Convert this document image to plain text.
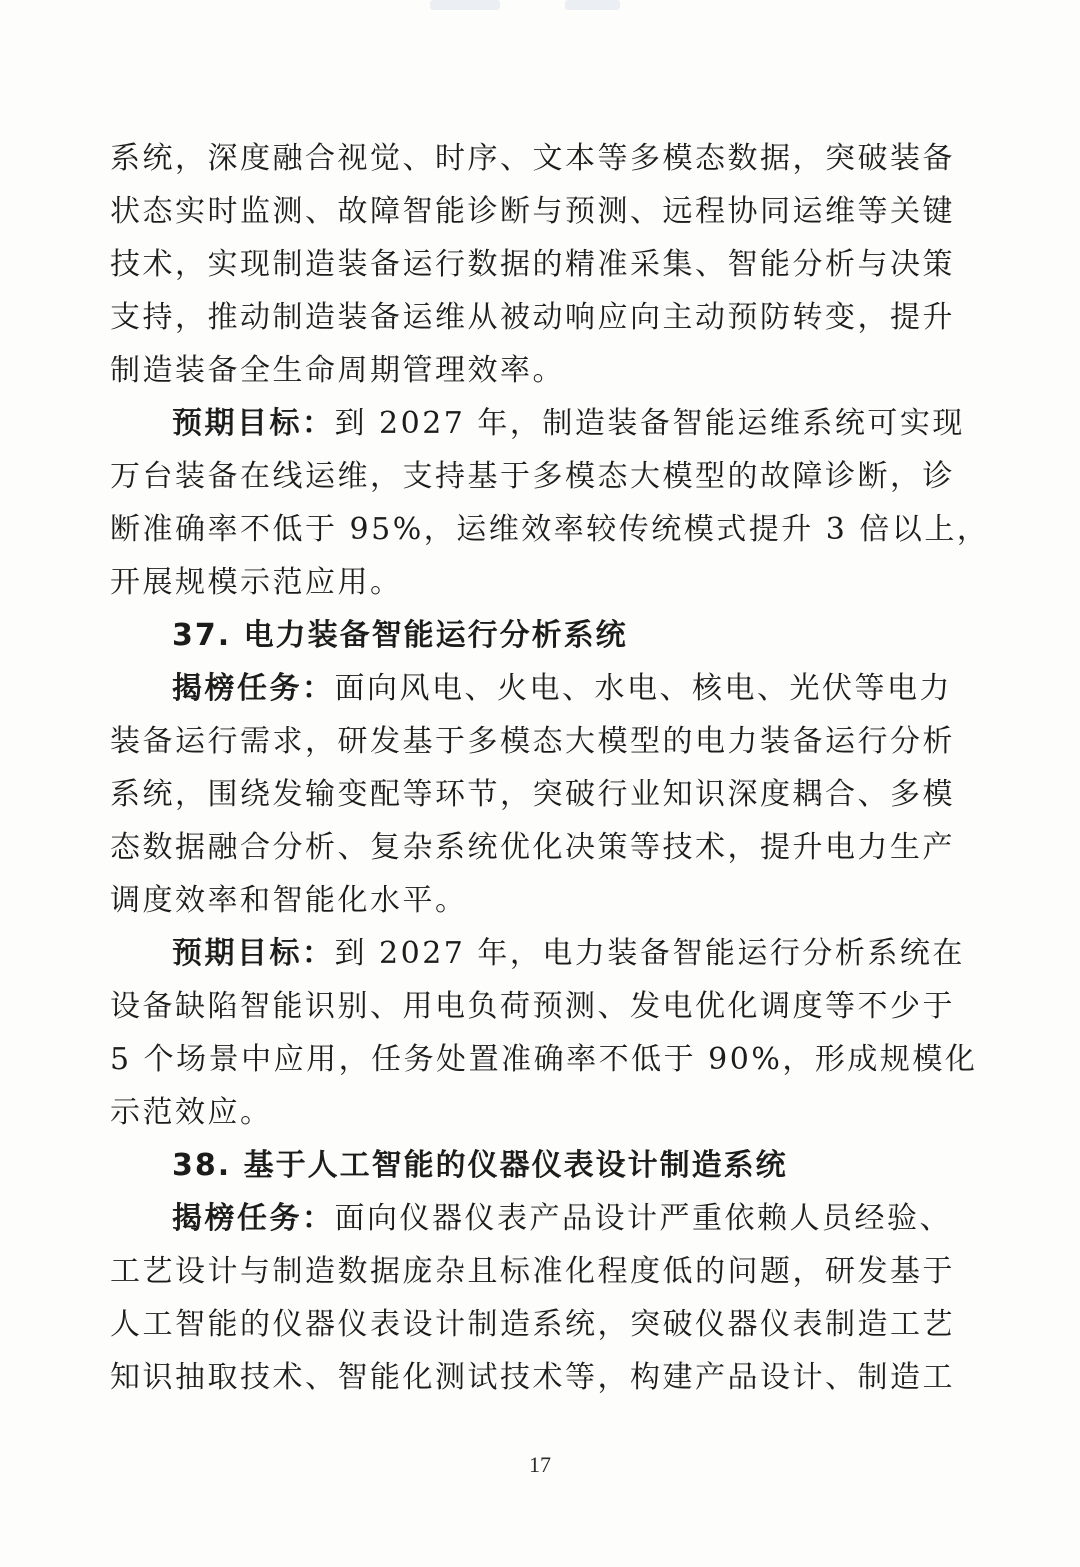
系统，深度融合视觉、时序、文本等多模态数据，突破装备
状态实时监测、故障智能诊断与预测、远程协同运维等关键
技术，实现制造装备运行数据的精准采集、智能分析与决策
支持，推动制造装备运维从被动响应向主动预防转变，提升
制造装备全生命周期管理效率。
预期目标：到 2027 年，制造装备智能运维系统可实现
万台装备在线运维，支持基于多模态大模型的故障诊断，诊
断准确率不低于 95%，运维效率较传统模式提升 3 倍以上，
开展规模示范应用。
37. 电力装备智能运行分析系统
揭榜任务：面向风电、火电、水电、核电、光伏等电力
装备运行需求，研发基于多模态大模型的电力装备运行分析
系统，围绕发输变配等环节，突破行业知识深度耦合、多模
态数据融合分析、复杂系统优化决策等技术，提升电力生产
调度效率和智能化水平。
预期目标：到 2027 年，电力装备智能运行分析系统在
设备缺陷智能识别、用电负荷预测、发电优化调度等不少于
5 个场景中应用，任务处置准确率不低于 90%，形成规模化
示范效应。
38. 基于人工智能的仪器仪表设计制造系统
揭榜任务：面向仪器仪表产品设计严重依赖人员经验、
工艺设计与制造数据庞杂且标准化程度低的问题，研发基于
人工智能的仪器仪表设计制造系统，突破仪器仪表制造工艺
知识抽取技术、智能化测试技术等，构建产品设计、制造工
17
